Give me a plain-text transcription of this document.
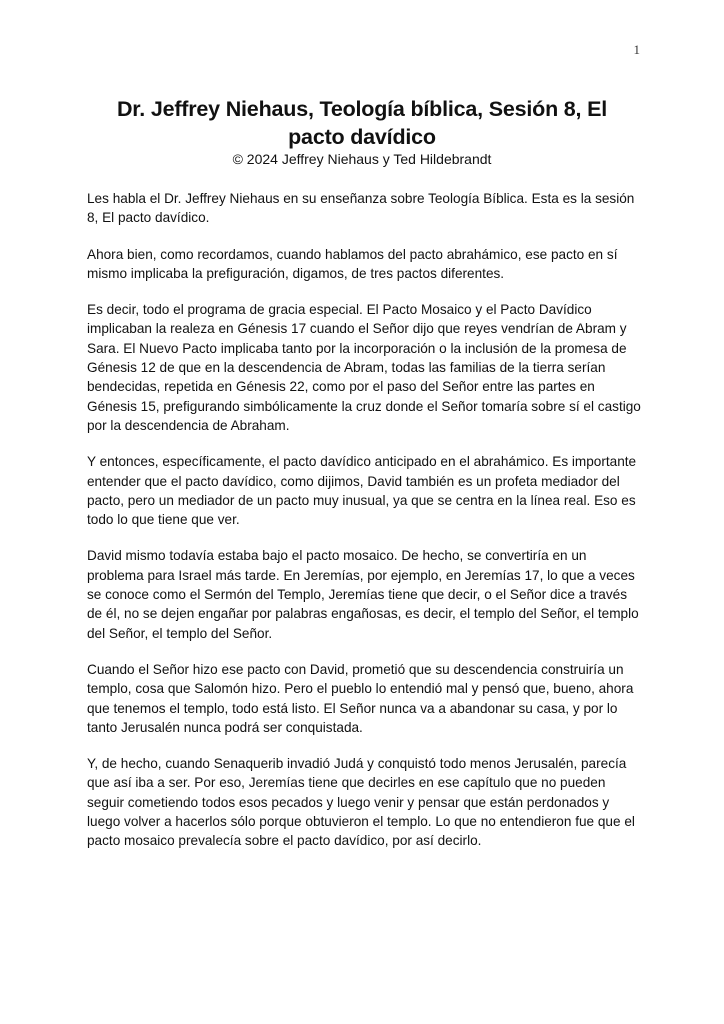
1
Dr. Jeffrey Niehaus, Teología bíblica, Sesión 8, El pacto davídico
© 2024 Jeffrey Niehaus y Ted Hildebrandt

Les habla el Dr. Jeffrey Niehaus en su enseñanza sobre Teología Bíblica. Esta es la sesión 8, El pacto davídico.

Ahora bien, como recordamos, cuando hablamos del pacto abrahámico, ese pacto en sí mismo implicaba la prefiguración, digamos, de tres pactos diferentes.

Es decir, todo el programa de gracia especial. El Pacto Mosaico y el Pacto Davídico implicaban la realeza en Génesis 17 cuando el Señor dijo que reyes vendrían de Abram y Sara. El Nuevo Pacto implicaba tanto por la incorporación o la inclusión de la promesa de Génesis 12 de que en la descendencia de Abram, todas las familias de la tierra serían bendecidas, repetida en Génesis 22, como por el paso del Señor entre las partes en Génesis 15, prefigurando simbólicamente la cruz donde el Señor tomaría sobre sí el castigo por la descendencia de Abraham.

Y entonces, específicamente, el pacto davídico anticipado en el abrahámico. Es importante entender que el pacto davídico, como dijimos, David también es un profeta mediador del pacto, pero un mediador de un pacto muy inusual, ya que se centra en la línea real. Eso es todo lo que tiene que ver.

David mismo todavía estaba bajo el pacto mosaico. De hecho, se convertiría en un problema para Israel más tarde. En Jeremías, por ejemplo, en Jeremías 17, lo que a veces se conoce como el Sermón del Templo, Jeremías tiene que decir, o el Señor dice a través de él, no se dejen engañar por palabras engañosas, es decir, el templo del Señor, el templo del Señor, el templo del Señor.

Cuando el Señor hizo ese pacto con David, prometió que su descendencia construiría un templo, cosa que Salomón hizo. Pero el pueblo lo entendió mal y pensó que, bueno, ahora que tenemos el templo, todo está listo. El Señor nunca va a abandonar su casa, y por lo tanto Jerusalén nunca podrá ser conquistada.

Y, de hecho, cuando Senaquerib invadió Judá y conquistó todo menos Jerusalén, parecía que así iba a ser. Por eso, Jeremías tiene que decirles en ese capítulo que no pueden seguir cometiendo todos esos pecados y luego venir y pensar que están perdonados y luego volver a hacerlos sólo porque obtuvieron el templo. Lo que no entendieron fue que el pacto mosaico prevalecía sobre el pacto davídico, por así decirlo.
